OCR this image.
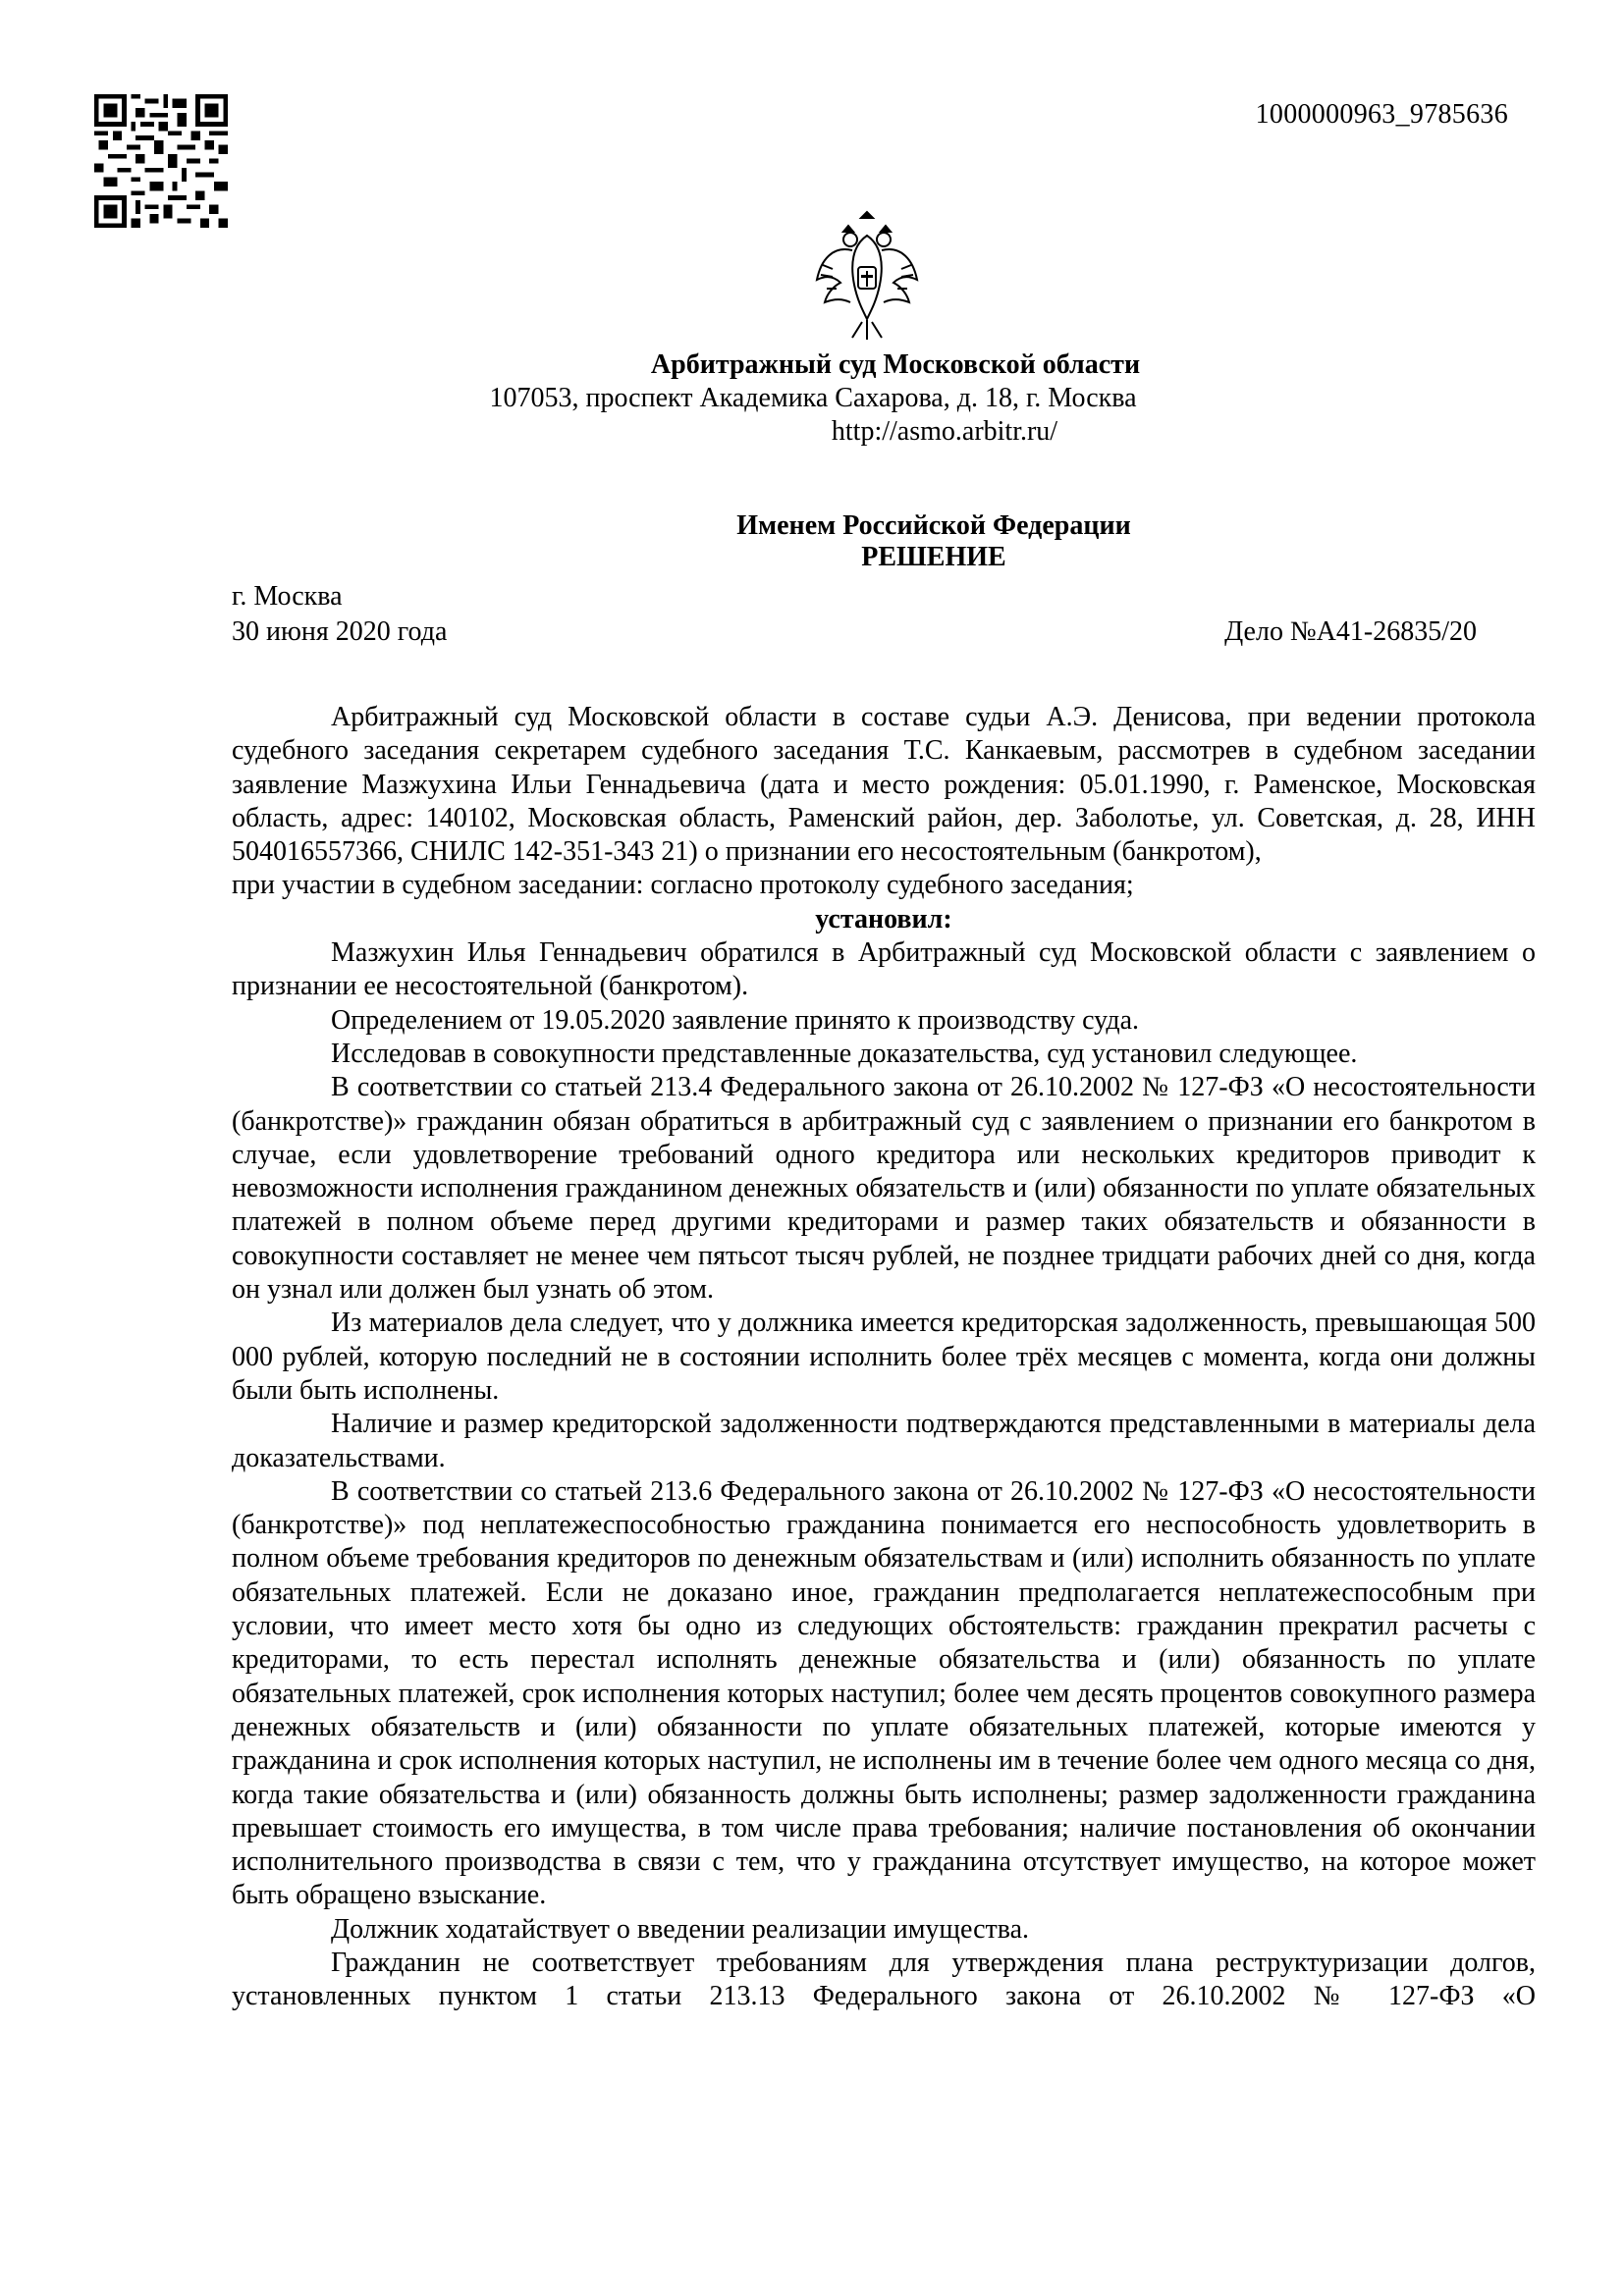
1000000963_9785636
Арбитражный суд Московской области
107053, проспект Академика Сахарова, д. 18, г. Москва
http://asmo.arbitr.ru/
Именем Российской Федерации
РЕШЕНИЕ
г. Москва
30 июня 2020 года	Дело №А41-26835/20

Арбитражный суд Московской области в составе судьи А.Э. Денисова, при ведении протокола судебного заседания секретарем судебного заседания Т.С. Канкаевым, рассмотрев в судебном заседании заявление Мазжухина Ильи Геннадьевича (дата и место рождения: 05.01.1990, г. Раменское, Московская область, адрес: 140102, Московская область, Раменский район, дер. Заболотье, ул. Советская, д. 28, ИНН 504016557366, СНИЛС 142-351-343 21) о признании его несостоятельным (банкротом),

при участии в судебном заседании: согласно протоколу судебного заседания;

установил:

Мазжухин Илья Геннадьевич обратился в Арбитражный суд Московской области с заявлением о признании ее несостоятельной (банкротом).

Определением от 19.05.2020 заявление принято к производству суда.

Исследовав в совокупности представленные доказательства, суд установил следующее.

В соответствии со статьей 213.4 Федерального закона от 26.10.2002 № 127-ФЗ «О несостоятельности (банкротстве)» гражданин обязан обратиться в арбитражный суд с заявлением о признании его банкротом в случае, если удовлетворение требований одного кредитора или нескольких кредиторов приводит к невозможности исполнения гражданином денежных обязательств и (или) обязанности по уплате обязательных платежей в полном объеме перед другими кредиторами и размер таких обязательств и обязанности в совокупности составляет не менее чем пятьсот тысяч рублей, не позднее тридцати рабочих дней со дня, когда он узнал или должен был узнать об этом.

Из материалов дела следует, что у должника имеется кредиторская задолженность, превышающая 500 000 рублей, которую последний не в состоянии исполнить более трёх месяцев с момента, когда они должны были быть исполнены.

Наличие и размер кредиторской задолженности подтверждаются представленными в материалы дела доказательствами.

В соответствии со статьей 213.6 Федерального закона от 26.10.2002 № 127-ФЗ «О несостоятельности (банкротстве)» под неплатежеспособностью гражданина понимается его неспособность удовлетворить в полном объеме требования кредиторов по денежным обязательствам и (или) исполнить обязанность по уплате обязательных платежей. Если не доказано иное, гражданин предполагается неплатежеспособным при условии, что имеет место хотя бы одно из следующих обстоятельств: гражданин прекратил расчеты с кредиторами, то есть перестал исполнять денежные обязательства и (или) обязанность по уплате обязательных платежей, срок исполнения которых наступил; более чем десять процентов совокупного размера денежных обязательств и (или) обязанности по уплате обязательных платежей, которые имеются у гражданина и срок исполнения которых наступил, не исполнены им в течение более чем одного месяца со дня, когда такие обязательства и (или) обязанность должны быть исполнены; размер задолженности гражданина превышает стоимость его имущества, в том числе права требования; наличие постановления об окончании исполнительного производства в связи с тем, что у гражданина отсутствует имущество, на которое может быть обращено взыскание.

Должник ходатайствует о введении реализации имущества.

Гражданин не соответствует требованиям для утверждения плана реструктуризации долгов, установленных пунктом 1 статьи 213.13 Федерального закона от 26.10.2002 № 127-ФЗ «О
